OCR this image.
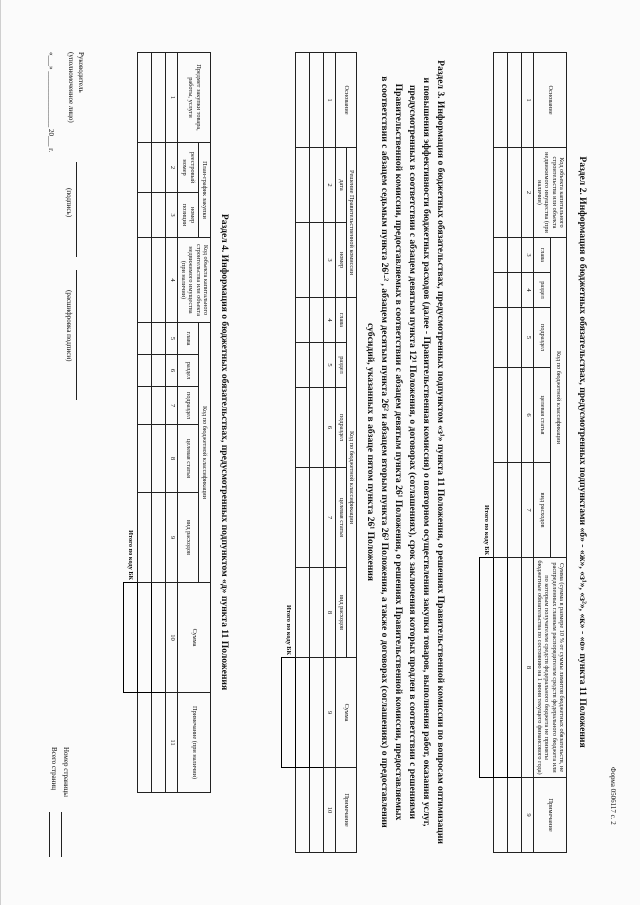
Форма 0506117 с. 2
Раздел 2. Информация о бюджетных обязательствах, предусмотренных подпунктами «б» - «ж», «з¹», «з²», «к» - «о» пункта 11 Положения
Основание	Код объекта капитального строительства или объекта недвижимого имущества (при наличии)	Код по бюджетной классификации					Сумма (сумма в размере 10 % от суммы лимитов бюджетных обязательств, не распределенных главным распорядителем средств федерального бюджета или по которым получателем средств федерального бюджета не приняты бюджетные обязательства по состоянию на 1 июня текущего финансового года)	Примечание
		глава	раздел	подраздел	целевая статья	вид расходов		
1	2	3	4	5	6	7	8	9

Итого по коду БК								
Раздел 3. Информация о бюджетных обязательствах, предусмотренных подпунктом «з¹» пункта 11 Положения, о решениях Правительственной комиссии по вопросам оптимизации
и повышения эффективности бюджетных расходов (далее - Правительственная комиссия) о повторном осуществлении закупки товаров, выполнения работ, оказания услуг,
предусмотренных в соответствии с абзацем девятым пункта 12¹ Положения, о договорах (соглашениях), срок заключения которых продлен в соответствии с решениями
Правительственной комиссии, предоставляемых в соответствии с абзацем девятым пункта 26¹ Положения, о решениях Правительственной комиссии, предоставляемых
в соответствии с абзацем седьмым пункта 26¹-² , абзацем десятым пункта 26² и абзацем вторым пункта 26³ Положения, а также о договорах (соглашениях) о предоставлении
субсидий, указанных в абзаце пятом пункта 26¹ Положения
Основание	Решение Правительственной комиссии		Код по бюджетной классификации					Сумма	Примечание
	дата	номер	глава	раздел	подраздел	целевая статья	вид расходов		
1	2	3	4	5	6	7	8	9	10

Итого по коду БК									
Раздел 4. Информация о бюджетных обязательствах, предусмотренных подпунктом «д» пункта 11 Положения
Предмет закупки товара, работы, услуги	План-график закупки		Код объекта капитального строительства или объекта недвижимого имущества (при наличии)	Код по бюджетной классификации					Сумма	Примечание (при наличии)	
	реестровый номер	номер позиции		глава	раздел	подраздел	целевая статья	вид расходов			
1	2	3	4	5	6	7	8	9	10	11	

Итого по коду БК											
Руководитель
(уполномоченное лицо)
(подпись)
(расшифровка подписи)
«___» ________________ 20___ г.
Номер страницы
Всего страниц
